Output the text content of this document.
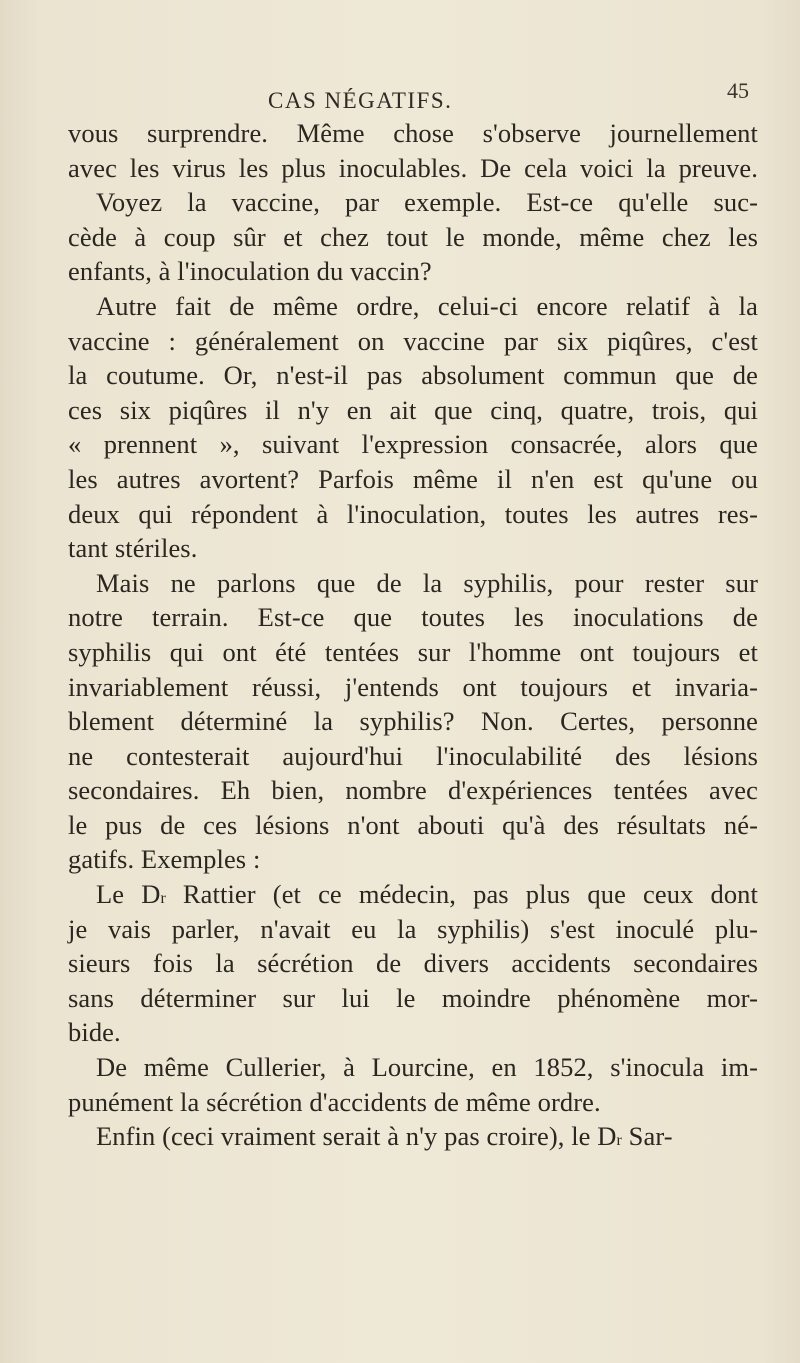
CAS NÉGATIFS.	45
vous surprendre. Même chose s'observe journellement
avec les virus les plus inoculables. De cela voici la preuve.
Voyez la vaccine, par exemple. Est-ce qu'elle suc-
cède à coup sûr et chez tout le monde, même chez les
enfants, à l'inoculation du vaccin?
Autre fait de même ordre, celui-ci encore relatif à la
vaccine : généralement on vaccine par six piqûres, c'est
la coutume. Or, n'est-il pas absolument commun que de
ces six piqûres il n'y en ait que cinq, quatre, trois, qui
« prennent », suivant l'expression consacrée, alors que
les autres avortent? Parfois même il n'en est qu'une ou
deux qui répondent à l'inoculation, toutes les autres res-
tant stériles.
Mais ne parlons que de la syphilis, pour rester sur
notre terrain. Est-ce que toutes les inoculations de
syphilis qui ont été tentées sur l'homme ont toujours et
invariablement réussi, j'entends ont toujours et invaria-
blement déterminé la syphilis? Non. Certes, personne
ne contesterait aujourd'hui l'inoculabilité des lésions
secondaires. Eh bien, nombre d'expériences tentées avec
le pus de ces lésions n'ont abouti qu'à des résultats né-
gatifs. Exemples :
Le $D^r$ Rattier (et ce médecin, pas plus que ceux dont
je vais parler, n'avait eu la syphilis) s'est inoculé plu-
sieurs fois la sécrétion de divers accidents secondaires
sans déterminer sur lui le moindre phénomène mor-
bide.
De même Cullerier, à Lourcine, en 1852, s'inocula im-
punément la sécrétion d'accidents de même ordre.
Enfin (ceci vraiment serait à n'y pas croire), le $D^r$ Sar-
